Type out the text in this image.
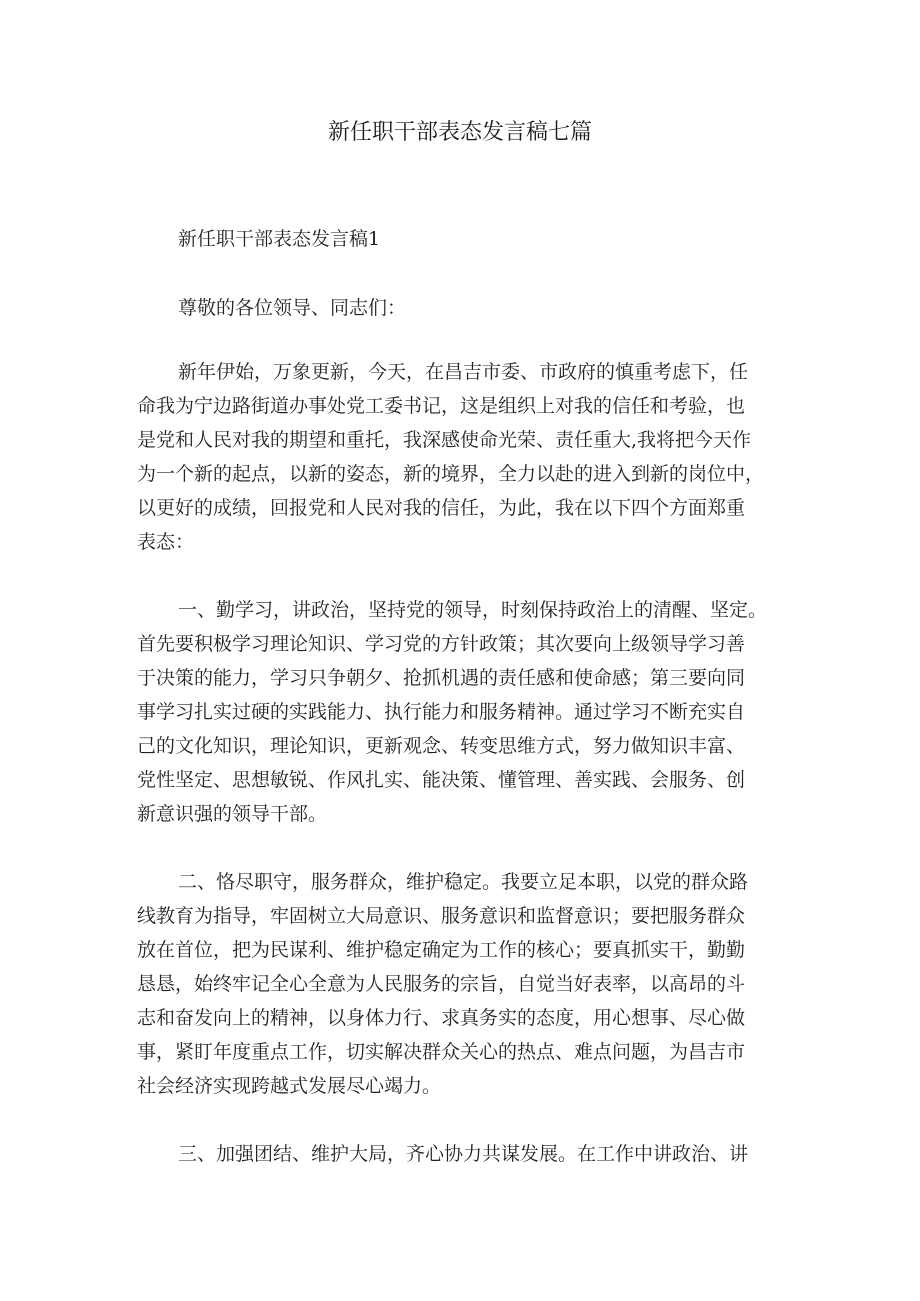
新任职干部表态发言稿七篇
新任职干部表态发言稿1
尊敬的各位领导、同志们：
新年伊始，万象更新，今天，在昌吉市委、市政府的慎重考虑下，任
命我为宁边路街道办事处党工委书记，这是组织上对我的信任和考验，也
是党和人民对我的期望和重托，我深感使命光荣、责任重大,我将把今天作
为一个新的起点，以新的姿态，新的境界，全力以赴的进入到新的岗位中，
以更好的成绩，回报党和人民对我的信任，为此，我在以下四个方面郑重
表态：
一、勤学习，讲政治，坚持党的领导，时刻保持政治上的清醒、坚定。
首先要积极学习理论知识、学习党的方针政策；其次要向上级领导学习善
于决策的能力，学习只争朝夕、抢抓机遇的责任感和使命感；第三要向同
事学习扎实过硬的实践能力、执行能力和服务精神。通过学习不断充实自
己的文化知识，理论知识，更新观念、转变思维方式，努力做知识丰富、
党性坚定、思想敏锐、作风扎实、能决策、懂管理、善实践、会服务、创
新意识强的领导干部。
二、恪尽职守，服务群众，维护稳定。我要立足本职，以党的群众路
线教育为指导，牢固树立大局意识、服务意识和监督意识；要把服务群众
放在首位，把为民谋利、维护稳定确定为工作的核心；要真抓实干，勤勤
恳恳，始终牢记全心全意为人民服务的宗旨，自觉当好表率，以高昂的斗
志和奋发向上的精神，以身体力行、求真务实的态度，用心想事、尽心做
事，紧盯年度重点工作，切实解决群众关心的热点、难点问题，为昌吉市
社会经济实现跨越式发展尽心竭力。
三、加强团结、维护大局，齐心协力共谋发展。在工作中讲政治、讲
